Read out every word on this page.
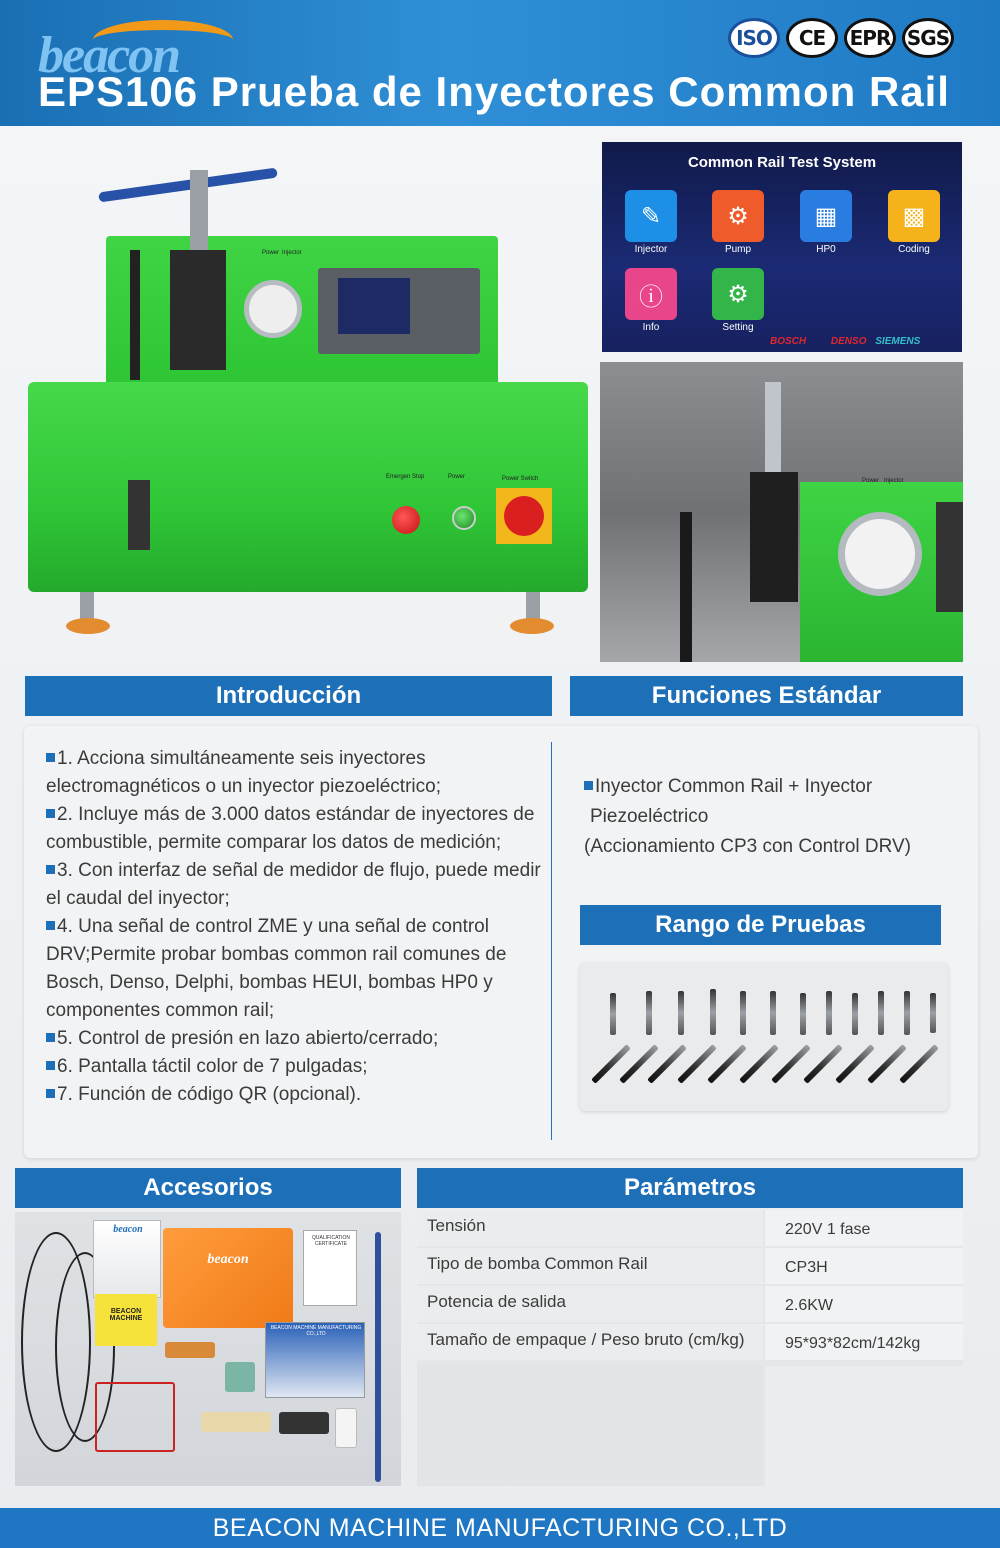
beacon	ISO	CE	EPR SGS
EPS106 Prueba de Inyectores Common Rail
Power Injector
Emergen Stop	Power	Power Switch
Common Rail Test System
✎
Injector
⚙
Pump
▦
HP0
▩
Coding
ⓘ
Info
⚙
Setting
BOSCH DENSO SIEMENS
Power Injector
Introducción	Funciones Estándar
1. Acciona simultáneamente seis inyectores electromagnéticos o un inyector piezoeléctrico;
2. Incluye más de 3.000 datos estándar de inyectores de combustible, permite comparar los datos de medición;
3. Con interfaz de señal de medidor de flujo, puede medir el caudal del inyector;
4. Una señal de control ZME y una señal de control DRV;Permite probar bombas common rail comunes de Bosch, Denso, Delphi, bombas HEUI, bombas HP0 y componentes common rail;
5. Control de presión en lazo abierto/cerrado;
6. Pantalla táctil color de 7 pulgadas;
7. Función de código QR (opcional).

Inyector Common Rail + Inyector

Piezoeléctrico

(Accionamiento CP3 con Control DRV)

Rango de Pruebas
Accesorios
beacon
BEACON MACHINE
beacon
QUALIFICATION CERTIFICATE
BEACON MACHINE MANUFACTURING CO.,LTD
Parámetros
Tensión	220V 1 fase
Tipo de bomba Common Rail	CP3H
Potencia de salida	2.6KW
Tamaño de empaque / Peso bruto (cm/kg)	95*93*82cm/142kg
BEACON MACHINE MANUFACTURING CO.,LTD
